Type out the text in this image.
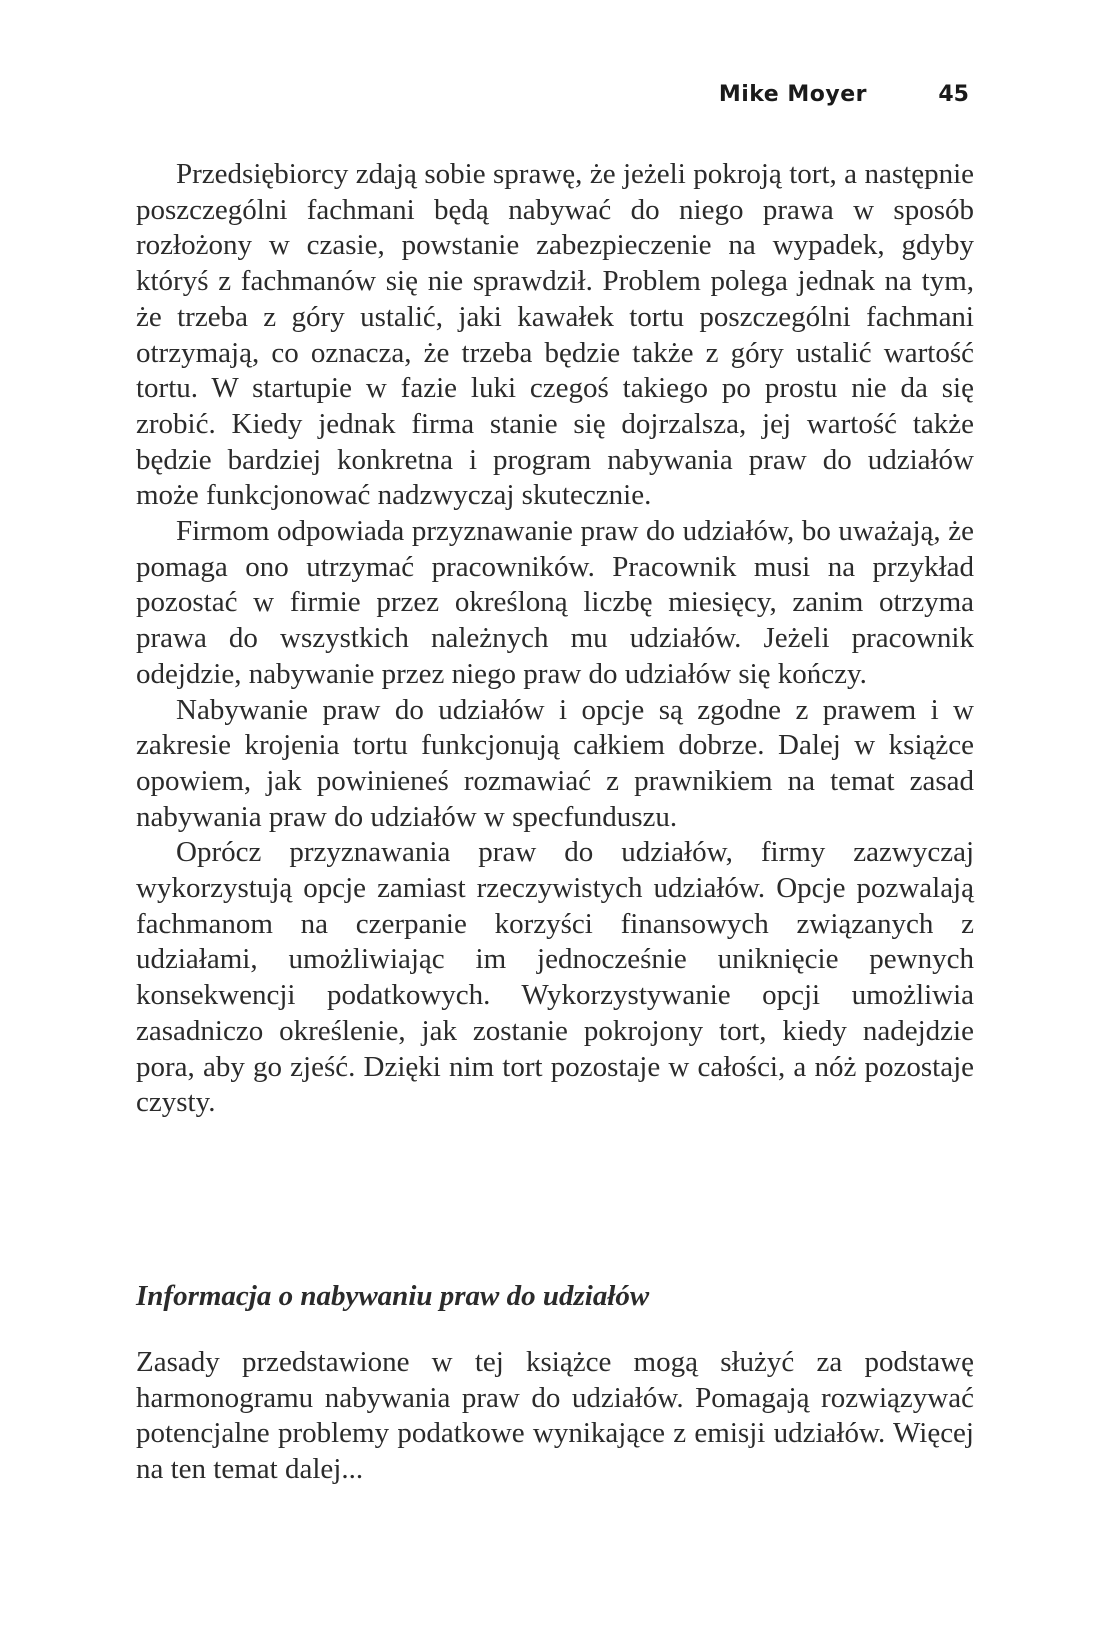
Mike Moyer	45

Przedsiębiorcy zdają sobie sprawę, że jeżeli pokroją tort, a następnie poszczególni fachmani będą nabywać do niego prawa w sposób rozłożony w czasie, powstanie zabezpieczenie na wypadek, gdyby któryś z fachmanów się nie sprawdził. Problem polega jednak na tym, że trzeba z góry ustalić, jaki kawałek tortu poszczególni fachmani otrzymają, co oznacza, że trzeba będzie także z góry ustalić wartość tortu. W startupie w fazie luki czegoś takiego po prostu nie da się zrobić. Kiedy jednak firma stanie się dojrzalsza, jej wartość także będzie bardziej konkretna i program nabywania praw do udziałów może funkcjonować nadzwyczaj skutecznie.

Firmom odpowiada przyznawanie praw do udziałów, bo uważają, że pomaga ono utrzymać pracowników. Pracownik musi na przykład pozostać w firmie przez określoną liczbę miesięcy, zanim otrzyma prawa do wszystkich należnych mu udziałów. Jeżeli pracownik odejdzie, nabywanie przez niego praw do udziałów się kończy.

Nabywanie praw do udziałów i opcje są zgodne z prawem i w zakresie krojenia tortu funkcjonują całkiem dobrze. Dalej w książce opowiem, jak powinieneś rozmawiać z prawnikiem na temat zasad nabywania praw do udziałów w specfunduszu.

Oprócz przyznawania praw do udziałów, firmy zazwyczaj wykorzystują opcje zamiast rzeczywistych udziałów. Opcje pozwalają fachmanom na czerpanie korzyści finansowych związanych z udziałami, umożliwiając im jednocześnie uniknięcie pewnych konsekwencji podatkowych. Wykorzystywanie opcji umożliwia zasadniczo określenie, jak zostanie pokrojony tort, kiedy nadejdzie pora, aby go zjeść. Dzięki nim tort pozostaje w całości, a nóż pozostaje czysty.

Informacja o nabywaniu praw do udziałów

Zasady przedstawione w tej książce mogą służyć za podstawę harmonogramu nabywania praw do udziałów. Pomagają rozwiązywać potencjalne problemy podatkowe wynikające z emisji udziałów. Więcej na ten temat dalej...
